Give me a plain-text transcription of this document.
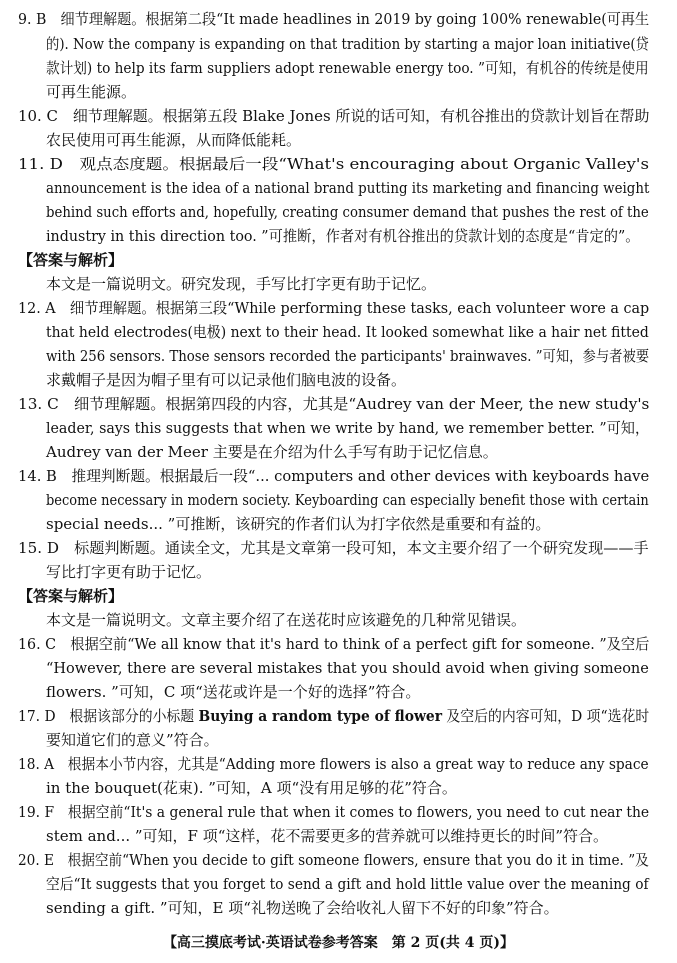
9. B　细节理解题。根据第二段“It made headlines in 2019 by going 100% renewable(可再生
的). Now the company is expanding on that tradition by starting a major loan initiative(贷
款计划) to help its farm suppliers adopt renewable energy too. ”可知，有机谷的传统是使用
可再生能源。
10. C　细节理解题。根据第五段 Blake Jones 所说的话可知，有机谷推出的贷款计划旨在帮助
农民使用可再生能源，从而降低能耗。
11. D　观点态度题。根据最后一段“What's encouraging about Organic Valley's
announcement is the idea of a national brand putting its marketing and financing weight
behind such efforts and, hopefully, creating consumer demand that pushes the rest of the
industry in this direction too. ”可推断，作者对有机谷推出的贷款计划的态度是“肯定的”。
【答案与解析】
本文是一篇说明文。研究发现，手写比打字更有助于记忆。
12. A　细节理解题。根据第三段“While performing these tasks, each volunteer wore a cap
that held electrodes(电极) next to their head. It looked somewhat like a hair net fitted
with 256 sensors. Those sensors recorded the participants' brainwaves. ”可知，参与者被要
求戴帽子是因为帽子里有可以记录他们脑电波的设备。
13. C　细节理解题。根据第四段的内容，尤其是“Audrey van der Meer, the new study's
leader, says this suggests that when we write by hand, we remember better. ”可知，
Audrey van der Meer 主要是在介绍为什么手写有助于记忆信息。
14. B　推理判断题。根据最后一段“... computers and other devices with keyboards have
become necessary in modern society. Keyboarding can especially benefit those with certain
special needs... ”可推断，该研究的作者们认为打字依然是重要和有益的。
15. D　标题判断题。通读全文，尤其是文章第一段可知，本文主要介绍了一个研究发现——手
写比打字更有助于记忆。
【答案与解析】
本文是一篇说明文。文章主要介绍了在送花时应该避免的几种常见错误。
16. C　根据空前“We all know that it's hard to think of a perfect gift for someone. ”及空后
“However, there are several mistakes that you should avoid when giving someone
flowers. ”可知，C 项“送花或许是一个好的选择”符合。
17. D　根据该部分的小标题 Buying a random type of flower 及空后的内容可知，D 项“选花时
要知道它们的意义”符合。
18. A　根据本小节内容，尤其是“Adding more flowers is also a great way to reduce any space
in the bouquet(花束). ”可知，A 项“没有用足够的花”符合。
19. F　根据空前“It's a general rule that when it comes to flowers, you need to cut near the
stem and... ”可知，F 项“这样，花不需要更多的营养就可以维持更长的时间”符合。
20. E　根据空前“When you decide to gift someone flowers, ensure that you do it in time. ”及
空后“It suggests that you forget to send a gift and hold little value over the meaning of
sending a gift. ”可知，E 项“礼物送晚了会给收礼人留下不好的印象”符合。
【高三摸底考试·英语试卷参考答案　第 2 页(共 4 页)】
